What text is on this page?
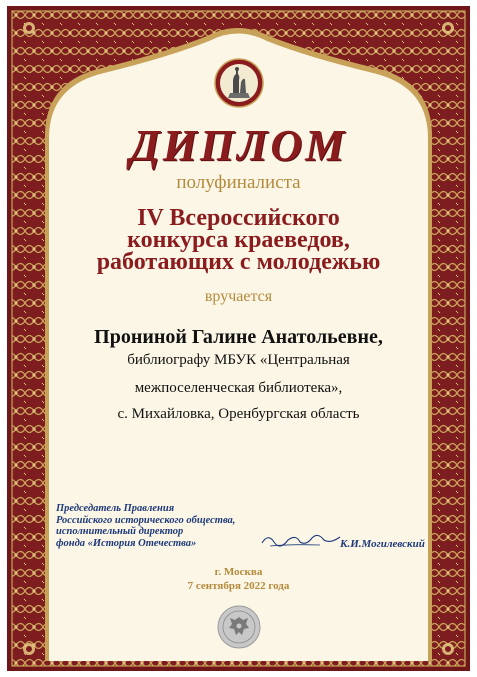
ДИПЛОМ
полуфиналиста
IV Всероссийского
конкурса краеведов,
работающих с молодежью
вручается
Прониной Галине Анатольевне,
библиографу МБУК «Центральная
межпоселенческая библиотека»,
с. Михайловка, Оренбургская область
Председатель Правления
Российского исторического общества,
исполнительный директор
фонда «История Отечества»	К.И.Могилевский
г. Москва
7 сентября 2022 года
